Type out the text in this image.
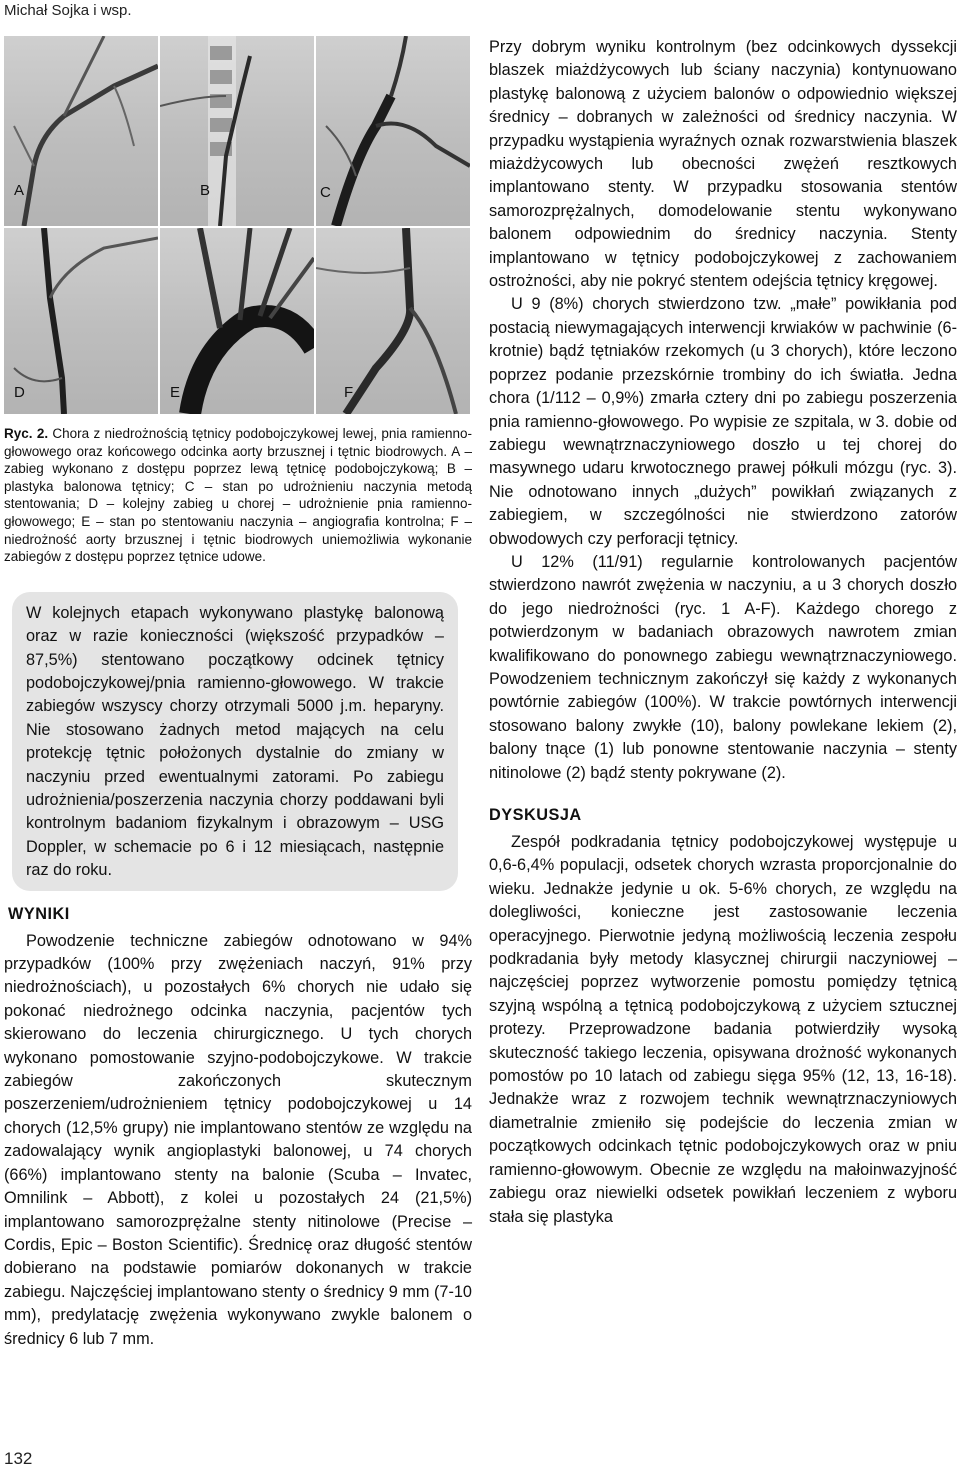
Michał Sojka i wsp.
A	B	C
D	E	F
Ryc. 2. Chora z niedrożnością tętnicy podobojczykowej lewej, pnia ramienno-głowowego oraz końcowego odcinka aorty brzusznej i tętnic biodrowych. A – zabieg wykonano z dostępu poprzez lewą tętnicę podobojczykową; B – plastyka balonowa tętnicy; C – stan po udrożnieniu naczynia metodą stentowania; D – kolejny zabieg u chorej – udrożnienie pnia ramienno-głowowego; E – stan po stentowaniu naczynia – angiografia kontrolna; F – niedrożność aorty brzusznej i tętnic biodrowych uniemożliwia wykonanie zabiegów z dostępu poprzez tętnice udowe.
W kolejnych etapach wykonywano plastykę balonową oraz w razie konieczności (większość przypadków – 87,5%) stentowano początkowy odcinek tętnicy podobojczykowej/pnia ramienno-głowowego. W trakcie zabiegów wszyscy chorzy otrzymali 5000 j.m. heparyny. Nie stosowano żadnych metod mających na celu protekcję tętnic położonych dystalnie do zmiany w naczyniu przed ewentualnymi zatorami. Po zabiegu udrożnienia/poszerzenia naczynia chorzy poddawani byli kontrolnym badaniom fizykalnym i obrazowym – USG Doppler, w schemacie po 6 i 12 miesiącach, następnie raz do roku.
WYNIKI

Powodzenie techniczne zabiegów odnotowano w 94% przypadków (100% przy zwężeniach naczyń, 91% przy niedrożnościach), u pozostałych 6% chorych nie udało się pokonać niedrożnego odcinka naczynia, pacjentów tych skierowano do leczenia chirurgicznego. U tych chorych wykonano pomostowanie szyjno-podobojczykowe. W trakcie zabiegów zakończonych skutecznym poszerzeniem/udrożnieniem tętnicy podobojczykowej u 14 chorych (12,5% grupy) nie implantowano stentów ze względu na zadowalający wynik angioplastyki balonowej, u 74 chorych (66%) implantowano stenty na balonie (Scuba – Invatec, Omnilink – Abbott), z kolei u pozostałych 24 (21,5%) implantowano samorozprężalne stenty nitinolowe (Precise – Cordis, Epic – Boston Scientific). Średnicę oraz długość stentów dobierano na podstawie pomiarów dokonanych w trakcie zabiegu. Najczęściej implantowano stenty o średnicy 9 mm (7-10 mm), predylatację zwężenia wykonywano zwykle balonem o średnicy 6 lub 7 mm.

Przy dobrym wyniku kontrolnym (bez odcinkowych dyssekcji blaszek miażdżycowych lub ściany naczynia) kontynuowano plastykę balonową z użyciem balonów o odpowiednio większej średnicy – dobranych w zależności od średnicy naczynia. W przypadku wystąpienia wyraźnych oznak rozwarstwienia blaszek miażdżycowych lub obecności zwężeń resztkowych implantowano stenty. W przypadku stosowania stentów samorozprężalnych, domodelowanie stentu wykonywano balonem odpowiednim do średnicy naczynia. Stenty implantowano w tętnicy podobojczykowej z zachowaniem ostrożności, aby nie pokryć stentem odejścia tętnicy kręgowej.

U 9 (8%) chorych stwierdzono tzw. „małe” powikłania pod postacią niewymagających interwencji krwiaków w pachwinie (6-krotnie) bądź tętniaków rzekomych (u 3 chorych), które leczono poprzez podanie przezskórnie trombiny do ich światła. Jedna chora (1/112 – 0,9%) zmarła cztery dni po zabiegu poszerzenia pnia ramienno-głowowego. Po wypisie ze szpitala, w 3. dobie od zabiegu wewnątrznaczyniowego doszło u tej chorej do masywnego udaru krwotocznego prawej półkuli mózgu (ryc. 3). Nie odnotowano innych „dużych” powikłań związanych z zabiegiem, w szczególności nie stwierdzono zatorów obwodowych czy perforacji tętnicy.

U 12% (11/91) regularnie kontrolowanych pacjentów stwierdzono nawrót zwężenia w naczyniu, a u 3 chorych doszło do jego niedrożności (ryc. 1 A-F). Każdego chorego z potwierdzonym w badaniach obrazowych nawrotem zmian kwalifikowano do ponownego zabiegu wewnątrznaczyniowego. Powodzeniem technicznym zakończył się każdy z wykonanych powtórnie zabiegów (100%). W trakcie powtórnych interwencji stosowano balony zwykłe (10), balony powlekane lekiem (2), balony tnące (1) lub ponowne stentowanie naczynia – stenty nitinolowe (2) bądź stenty pokrywane (2).

DYSKUSJA

Zespół podkradania tętnicy podobojczykowej występuje u 0,6-6,4% populacji, odsetek chorych wzrasta proporcjonalnie do wieku. Jednakże jedynie u ok. 5-6% chorych, ze względu na dolegliwości, konieczne jest zastosowanie leczenia operacyjnego. Pierwotnie jedyną możliwością leczenia zespołu podkradania były metody klasycznej chirurgii naczyniowej – najczęściej poprzez wytworzenie pomostu pomiędzy tętnicą szyjną wspólną a tętnicą podobojczykową z użyciem sztucznej protezy. Przeprowadzone badania potwierdziły wysoką skuteczność takiego leczenia, opisywana drożność wykonanych pomostów po 10 latach od zabiegu sięga 95% (12, 13, 16-18). Jednakże wraz z rozwojem technik wewnątrznaczyniowych diametralnie zmieniło się podejście do leczenia zmian w początkowych odcinkach tętnic podobojczykowych oraz w pniu ramienno-głowowym. Obecnie ze względu na małoinwazyjność zabiegu oraz niewielki odsetek powikłań leczeniem z wyboru stała się plastyka

132
